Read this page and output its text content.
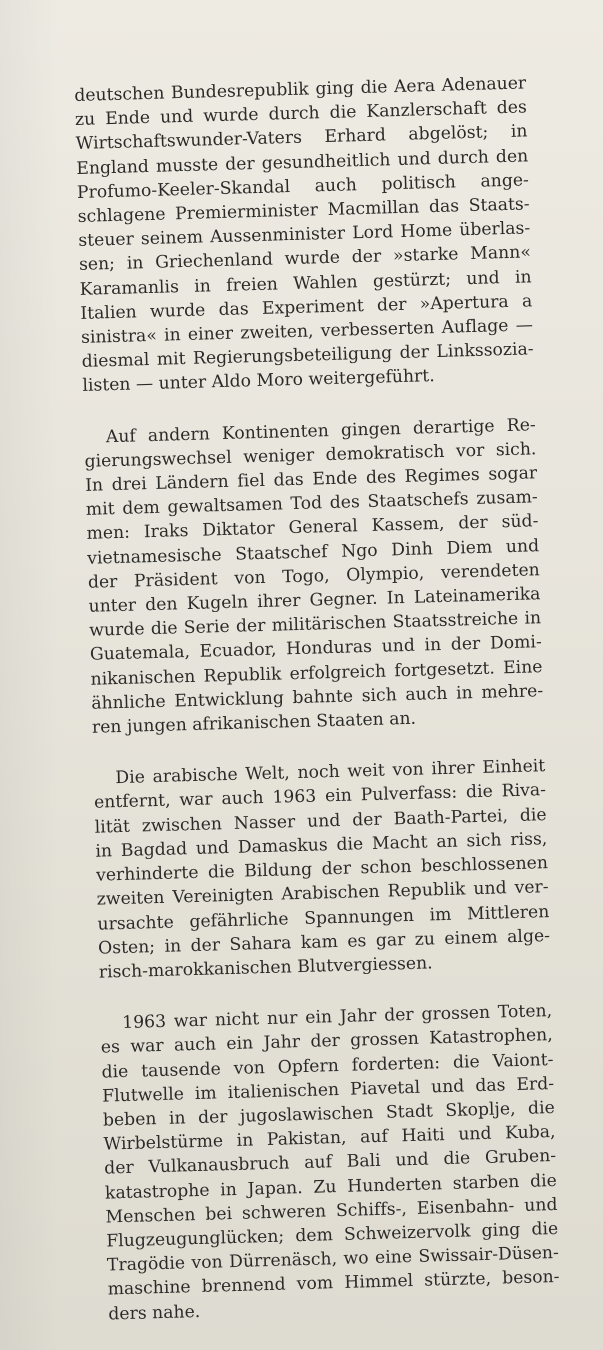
deutschen Bundesrepublik ging die Aera Adenauer
zu Ende und wurde durch die Kanzlerschaft des
Wirtschaftswunder-Vaters Erhard abgelöst; in
England musste der gesundheitlich und durch den
Profumo-Keeler-Skandal auch politisch ange-
schlagene Premierminister Macmillan das Staats-
steuer seinem Aussenminister Lord Home überlas-
sen; in Griechenland wurde der »starke Mann«
Karamanlis in freien Wahlen gestürzt; und in
Italien wurde das Experiment der »Apertura a
sinistra« in einer zweiten, verbesserten Auflage —
diesmal mit Regierungsbeteiligung der Linkssozia-
listen — unter Aldo Moro weitergeführt.
Auf andern Kontinenten gingen derartige Re-
gierungswechsel weniger demokratisch vor sich.
In drei Ländern fiel das Ende des Regimes sogar
mit dem gewaltsamen Tod des Staatschefs zusam-
men: Iraks Diktator General Kassem, der süd-
vietnamesische Staatschef Ngo Dinh Diem und
der Präsident von Togo, Olympio, verendeten
unter den Kugeln ihrer Gegner. In Lateinamerika
wurde die Serie der militärischen Staatsstreiche in
Guatemala, Ecuador, Honduras und in der Domi-
nikanischen Republik erfolgreich fortgesetzt. Eine
ähnliche Entwicklung bahnte sich auch in mehre-
ren jungen afrikanischen Staaten an.
Die arabische Welt, noch weit von ihrer Einheit
entfernt, war auch 1963 ein Pulverfass: die Riva-
lität zwischen Nasser und der Baath-Partei, die
in Bagdad und Damaskus die Macht an sich riss,
verhinderte die Bildung der schon beschlossenen
zweiten Vereinigten Arabischen Republik und ver-
ursachte gefährliche Spannungen im Mittleren
Osten; in der Sahara kam es gar zu einem alge-
risch-marokkanischen Blutvergiessen.
1963 war nicht nur ein Jahr der grossen Toten,
es war auch ein Jahr der grossen Katastrophen,
die tausende von Opfern forderten: die Vaiont-
Flutwelle im italienischen Piavetal und das Erd-
beben in der jugoslawischen Stadt Skoplje, die
Wirbelstürme in Pakistan, auf Haiti und Kuba,
der Vulkanausbruch auf Bali und die Gruben-
katastrophe in Japan. Zu Hunderten starben die
Menschen bei schweren Schiffs-, Eisenbahn- und
Flugzeugunglücken; dem Schweizervolk ging die
Tragödie von Dürrenäsch, wo eine Swissair-Düsen-
maschine brennend vom Himmel stürzte, beson-
ders nahe.
